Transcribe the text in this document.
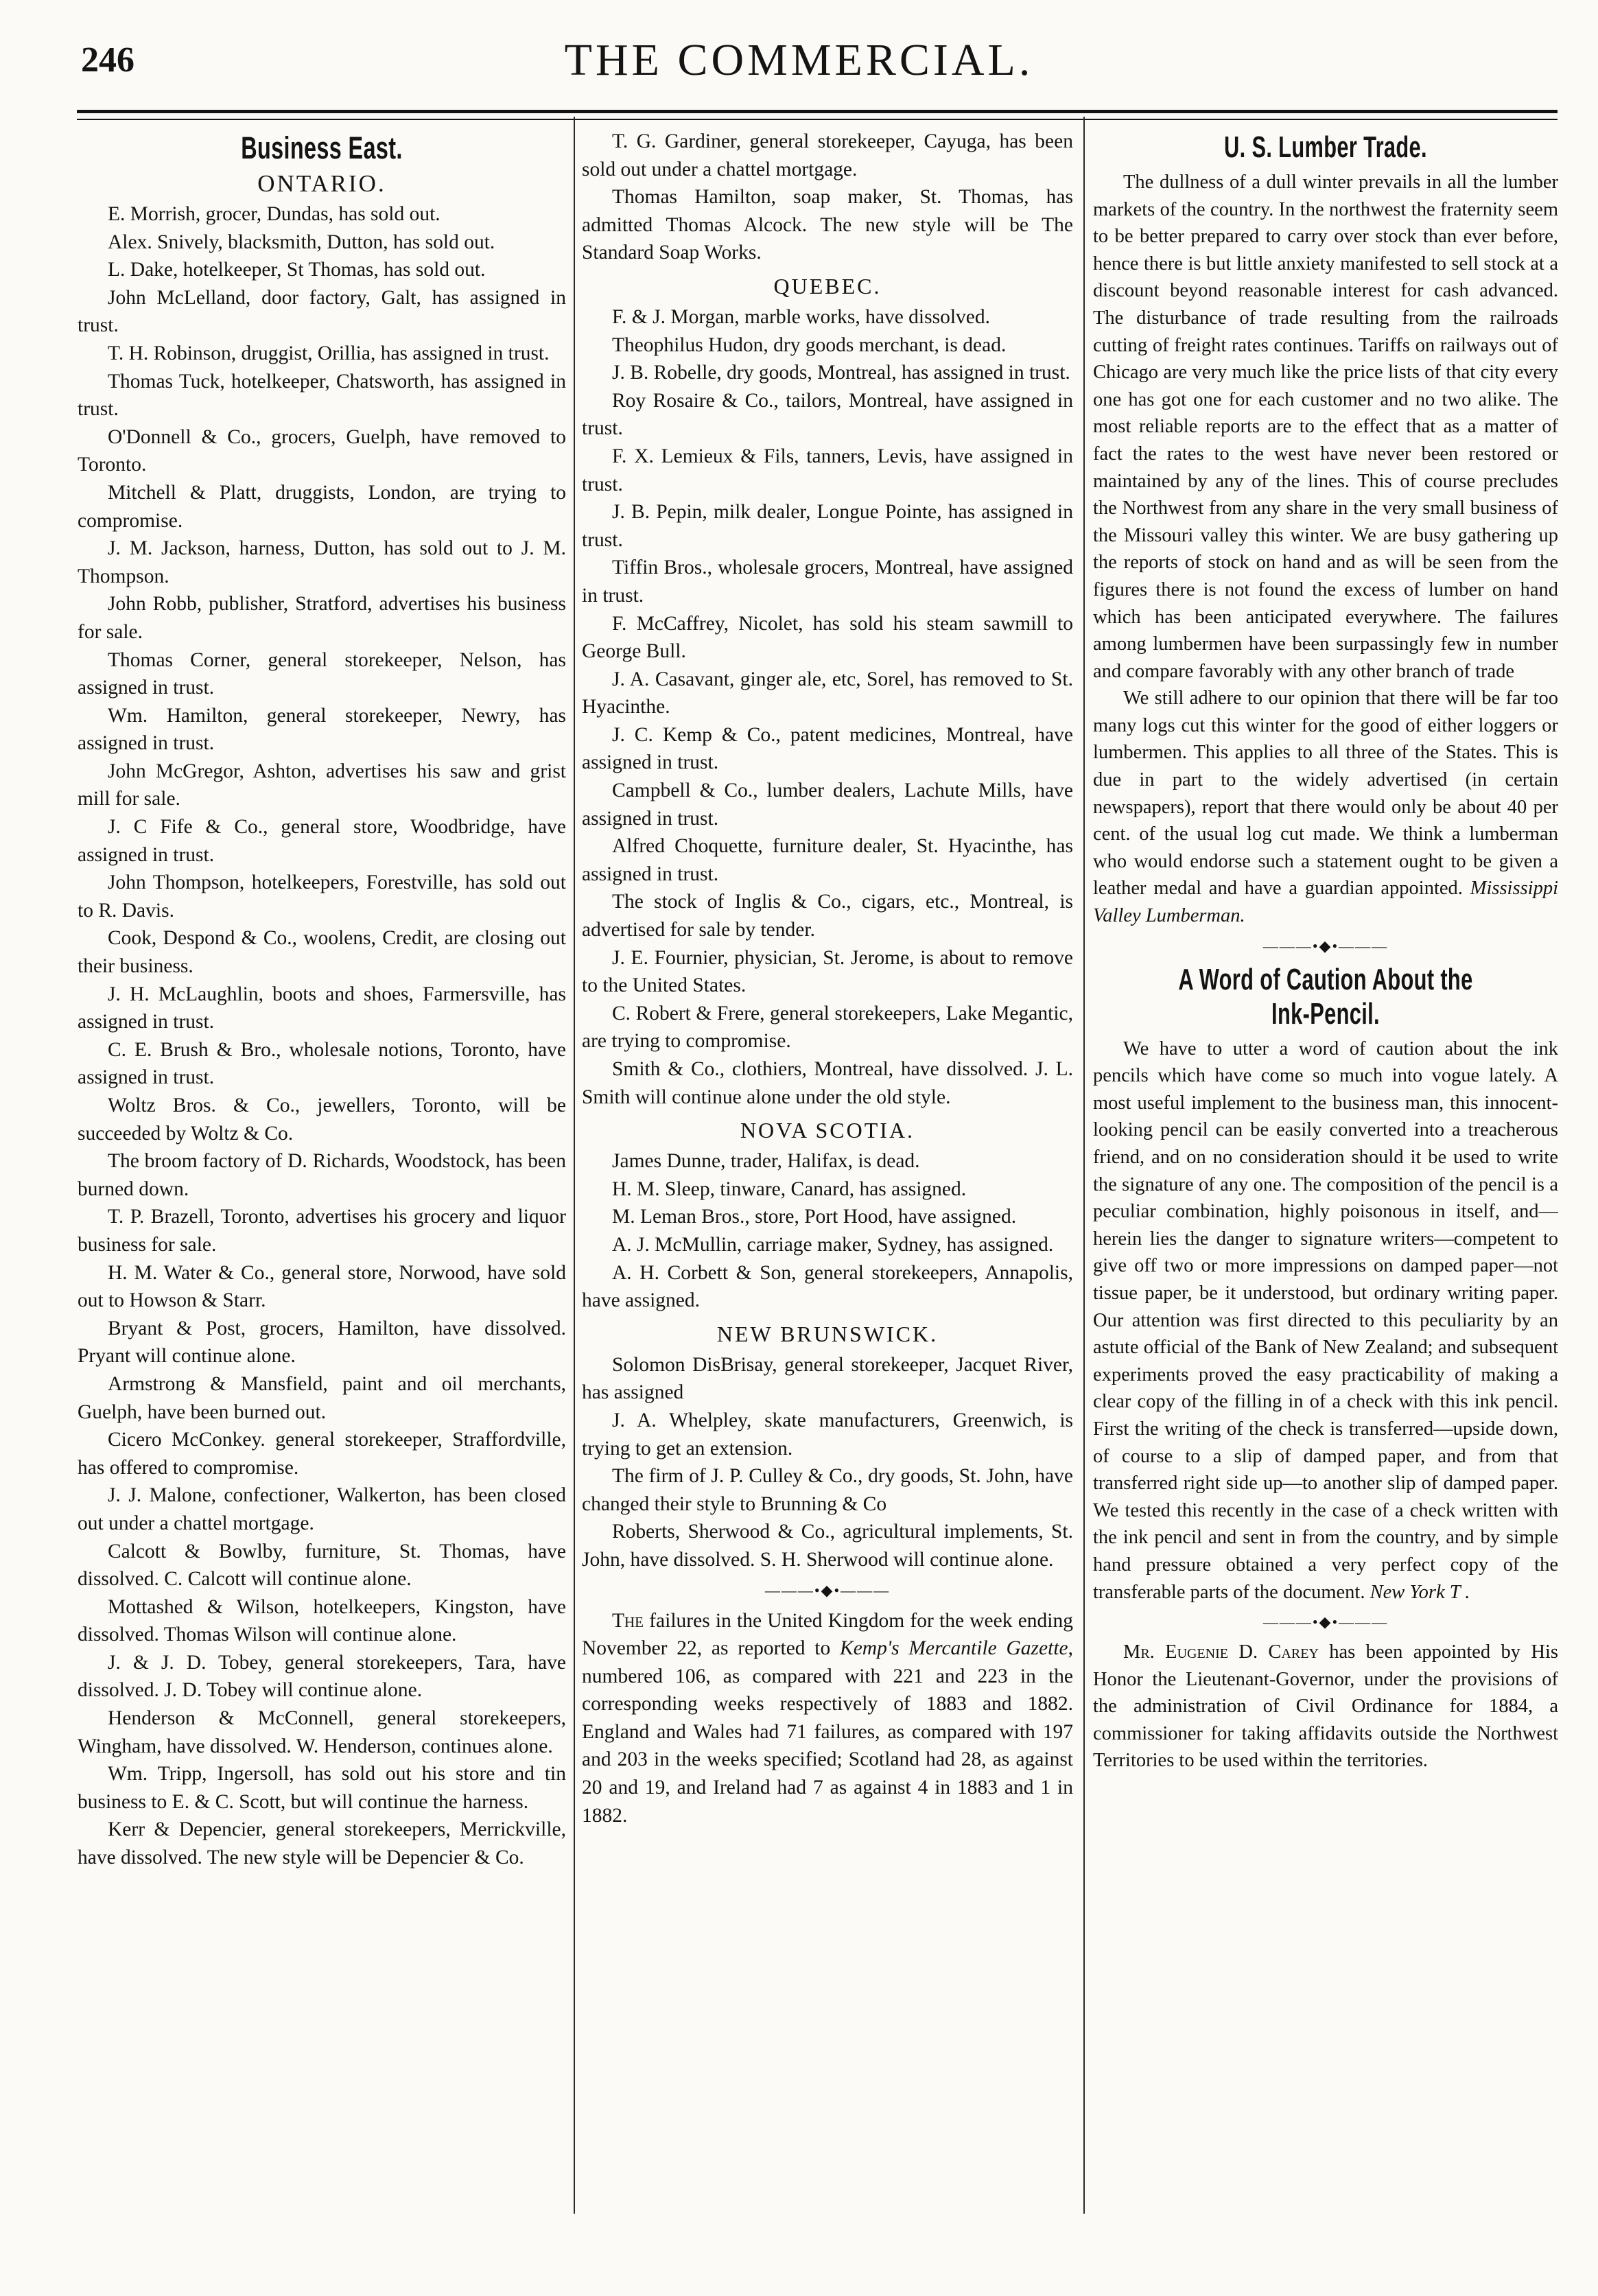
246	THE COMMERCIAL.
Business East.
ONTARIO.

E. Morrish, grocer, Dundas, has sold out.

Alex. Snively, blacksmith, Dutton, has sold out.

L. Dake, hotelkeeper, St Thomas, has sold out.

John McLelland, door factory, Galt, has assigned in trust.

T. H. Robinson, druggist, Orillia, has assigned in trust.

Thomas Tuck, hotelkeeper, Chatsworth, has assigned in trust.

O'Donnell & Co., grocers, Guelph, have removed to Toronto.

Mitchell & Platt, druggists, London, are trying to compromise.

J. M. Jackson, harness, Dutton, has sold out to J. M. Thompson.

John Robb, publisher, Stratford, advertises his business for sale.

Thomas Corner, general storekeeper, Nelson, has assigned in trust.

Wm. Hamilton, general storekeeper, Newry, has assigned in trust.

John McGregor, Ashton, advertises his saw and grist mill for sale.

J. C Fife & Co., general store, Woodbridge, have assigned in trust.

John Thompson, hotelkeepers, Forestville, has sold out to R. Davis.

Cook, Despond & Co., woolens, Credit, are closing out their business.

J. H. McLaughlin, boots and shoes, Farmersville, has assigned in trust.

C. E. Brush & Bro., wholesale notions, Toronto, have assigned in trust.

Woltz Bros. & Co., jewellers, Toronto, will be succeeded by Woltz & Co.

The broom factory of D. Richards, Woodstock, has been burned down.

T. P. Brazell, Toronto, advertises his grocery and liquor business for sale.

H. M. Water & Co., general store, Norwood, have sold out to Howson & Starr.

Bryant & Post, grocers, Hamilton, have dissolved. Pryant will continue alone.

Armstrong & Mansfield, paint and oil merchants, Guelph, have been burned out.

Cicero McConkey. general storekeeper, Straffordville, has offered to compromise.

J. J. Malone, confectioner, Walkerton, has been closed out under a chattel mortgage.

Calcott & Bowlby, furniture, St. Thomas, have dissolved. C. Calcott will continue alone.

Mottashed & Wilson, hotelkeepers, Kingston, have dissolved. Thomas Wilson will continue alone.

J. & J. D. Tobey, general storekeepers, Tara, have dissolved. J. D. Tobey will continue alone.

Henderson & McConnell, general storekeepers, Wingham, have dissolved. W. Henderson, continues alone.

Wm. Tripp, Ingersoll, has sold out his store and tin business to E. & C. Scott, but will continue the harness.

Kerr & Depencier, general storekeepers, Merrickville, have dissolved. The new style will be Depencier & Co.

T. G. Gardiner, general storekeeper, Cayuga, has been sold out under a chattel mortgage.

Thomas Hamilton, soap maker, St. Thomas, has admitted Thomas Alcock. The new style will be The Standard Soap Works.

QUEBEC.

F. & J. Morgan, marble works, have dissolved.

Theophilus Hudon, dry goods merchant, is dead.

J. B. Robelle, dry goods, Montreal, has assigned in trust.

Roy Rosaire & Co., tailors, Montreal, have assigned in trust.

F. X. Lemieux & Fils, tanners, Levis, have assigned in trust.

J. B. Pepin, milk dealer, Longue Pointe, has assigned in trust.

Tiffin Bros., wholesale grocers, Montreal, have assigned in trust.

F. McCaffrey, Nicolet, has sold his steam sawmill to George Bull.

J. A. Casavant, ginger ale, etc, Sorel, has removed to St. Hyacinthe.

J. C. Kemp & Co., patent medicines, Montreal, have assigned in trust.

Campbell & Co., lumber dealers, Lachute Mills, have assigned in trust.

Alfred Choquette, furniture dealer, St. Hyacinthe, has assigned in trust.

The stock of Inglis & Co., cigars, etc., Montreal, is advertised for sale by tender.

J. E. Fournier, physician, St. Jerome, is about to remove to the United States.

C. Robert & Frere, general storekeepers, Lake Megantic, are trying to compromise.

Smith & Co., clothiers, Montreal, have dissolved. J. L. Smith will continue alone under the old style.

NOVA SCOTIA.

James Dunne, trader, Halifax, is dead.

H. M. Sleep, tinware, Canard, has assigned.

M. Leman Bros., store, Port Hood, have assigned.

A. J. McMullin, carriage maker, Sydney, has assigned.

A. H. Corbett & Son, general storekeepers, Annapolis, have assigned.

NEW BRUNSWICK.

Solomon DisBrisay, general storekeeper, Jacquet River, has assigned

J. A. Whelpley, skate manufacturers, Greenwich, is trying to get an extension.

The firm of J. P. Culley & Co., dry goods, St. John, have changed their style to Brunning & Co

Roberts, Sherwood & Co., agricultural implements, St. John, have dissolved. S. H. Sherwood will continue alone.

———•◆•———

The failures in the United Kingdom for the week ending November 22, as reported to Kemp's Mercantile Gazette, numbered 106, as compared with 221 and 223 in the corresponding weeks respectively of 1883 and 1882. England and Wales had 71 failures, as compared with 197 and 203 in the weeks specified; Scotland had 28, as against 20 and 19, and Ireland had 7 as against 4 in 1883 and 1 in 1882.

U. S. Lumber Trade.

The dullness of a dull winter prevails in all the lumber markets of the country. In the northwest the fraternity seem to be better prepared to carry over stock than ever before, hence there is but little anxiety manifested to sell stock at a discount beyond reasonable interest for cash advanced. The disturbance of trade resulting from the railroads cutting of freight rates continues. Tariffs on railways out of Chicago are very much like the price lists of that city every one has got one for each customer and no two alike. The most reliable reports are to the effect that as a matter of fact the rates to the west have never been restored or maintained by any of the lines. This of course precludes the Northwest from any share in the very small business of the Missouri valley this winter. We are busy gathering up the reports of stock on hand and as will be seen from the figures there is not found the excess of lumber on hand which has been anticipated everywhere. The failures among lumbermen have been surpassingly few in number and compare favorably with any other branch of trade

We still adhere to our opinion that there will be far too many logs cut this winter for the good of either loggers or lumbermen. This applies to all three of the States. This is due in part to the widely advertised (in certain newspapers), report that there would only be about 40 per cent. of the usual log cut made. We think a lumberman who would endorse such a statement ought to be given a leather medal and have a guardian appointed. Mississippi Valley Lumberman.

———•◆•———
A Word of Caution About the Ink-Pencil.

We have to utter a word of caution about the ink pencils which have come so much into vogue lately. A most useful implement to the business man, this innocent-looking pencil can be easily converted into a treacherous friend, and on no consideration should it be used to write the signature of any one. The composition of the pencil is a peculiar combination, highly poisonous in itself, and—herein lies the danger to signature writers—competent to give off two or more impressions on damped paper—not tissue paper, be it understood, but ordinary writing paper. Our attention was first directed to this peculiarity by an astute official of the Bank of New Zealand; and subsequent experiments proved the easy practicability of making a clear copy of the filling in of a check with this ink pencil. First the writing of the check is transferred—upside down, of course to a slip of damped paper, and from that transferred right side up—to another slip of damped paper. We tested this recently in the case of a check written with the ink pencil and sent in from the country, and by simple hand pressure obtained a very perfect copy of the transferable parts of the document. New York T .

———•◆•———

Mr. Eugenie D. Carey has been appointed by His Honor the Lieutenant-Governor, under the provisions of the administration of Civil Ordinance for 1884, a commissioner for taking affidavits outside the Northwest Territories to be used within the territories.
